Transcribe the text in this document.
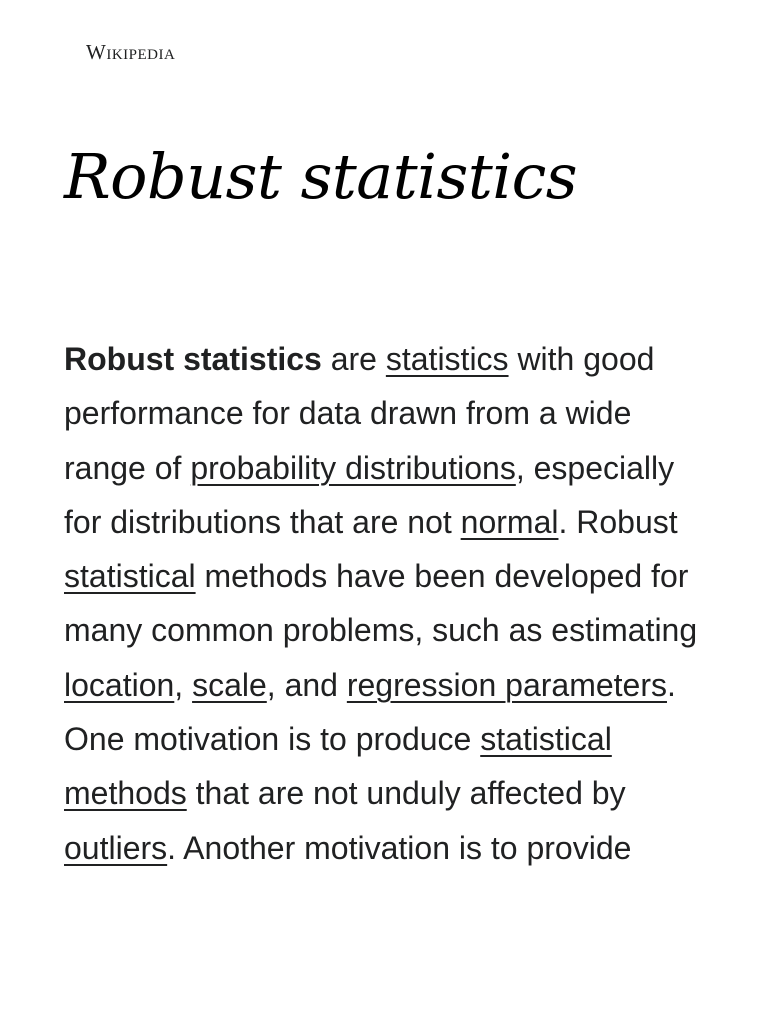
Wikipedia
Robust statistics

Robust statistics are statistics with good performance for data drawn from a wide range of probability distributions, especially for distributions that are not normal. Robust statistical methods have been developed for many common problems, such as estimating location, scale, and regression parameters. One motivation is to produce statistical methods that are not unduly affected by outliers. Another motivation is to provide
